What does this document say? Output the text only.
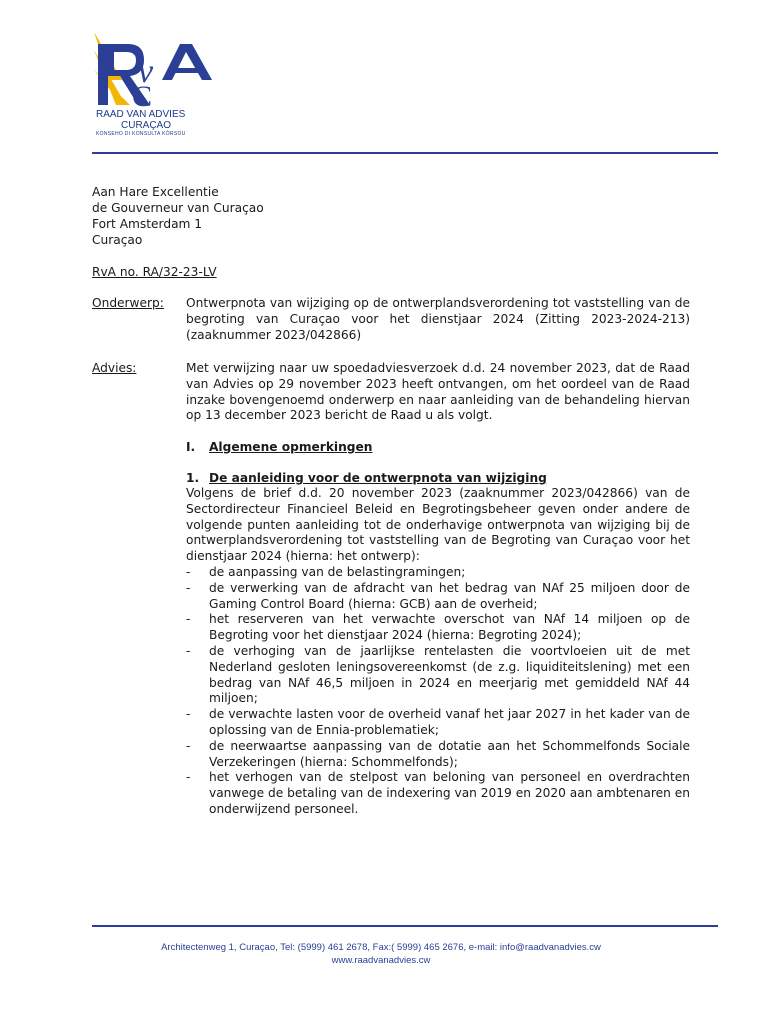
v
C
RAAD VAN ADVIES
CURAÇAO
KONSEHO DI KONSULTA KÒRSOU
Aan Hare Excellentie
de Gouverneur van Curaçao
Fort Amsterdam 1
Curaçao
RvA no. RA/32-23-LV
Onderwerp: Ontwerpnota van wijziging op de ontwerplandsverordening tot vaststelling van de begroting van Curaçao voor het dienstjaar 2024 (Zitting 2023-2024-213) (zaaknummer 2023/042866)
Advies:	Met verwijzing naar uw spoedadviesverzoek d.d. 24 november 2023, dat de Raad van Advies op 29 november 2023 heeft ontvangen, om het oordeel van de Raad inzake bovengenoemd onderwerp en naar aanleiding van de behandeling hiervan op 13 december 2023 bericht de Raad u als volgt.
I. Algemene opmerkingen
1. De aanleiding voor de ontwerpnota van wijziging
Volgens de brief d.d. 20 november 2023 (zaaknummer 2023/042866) van de Sectordirecteur Financieel Beleid en Begrotingsbeheer geven onder andere de volgende punten aanleiding tot de onderhavige ontwerpnota van wijziging bij de ontwerplandsverordening tot vaststelling van de Begroting van Curaçao voor het dienstjaar 2024 (hierna: het ontwerp):
- de aanpassing van de belastingramingen;
- de verwerking van de afdracht van het bedrag van NAf 25 miljoen door de Gaming Control Board (hierna: GCB) aan de overheid;
- het reserveren van het verwachte overschot van NAf 14 miljoen op de Begroting voor het dienstjaar 2024 (hierna: Begroting 2024);
- de verhoging van de jaarlijkse rentelasten die voortvloeien uit de met Nederland gesloten leningsovereenkomst (de z.g. liquiditeitslening) met een bedrag van NAf 46,5 miljoen in 2024 en meerjarig met gemiddeld NAf 44 miljoen;
- de verwachte lasten voor de overheid vanaf het jaar 2027 in het kader van de oplossing van de Ennia-problematiek;
- de neerwaartse aanpassing van de dotatie aan het Schommelfonds Sociale Verzekeringen (hierna: Schommelfonds);
- het verhogen van de stelpost van beloning van personeel en overdrachten vanwege de betaling van de indexering van 2019 en 2020 aan ambtenaren en onderwijzend personeel.
Architectenweg 1, Curaçao, Tel: (5999) 461 2678, Fax:( 5999) 465 2676, e-mail: info@raadvanadvies.cw
www.raadvanadvies.cw
